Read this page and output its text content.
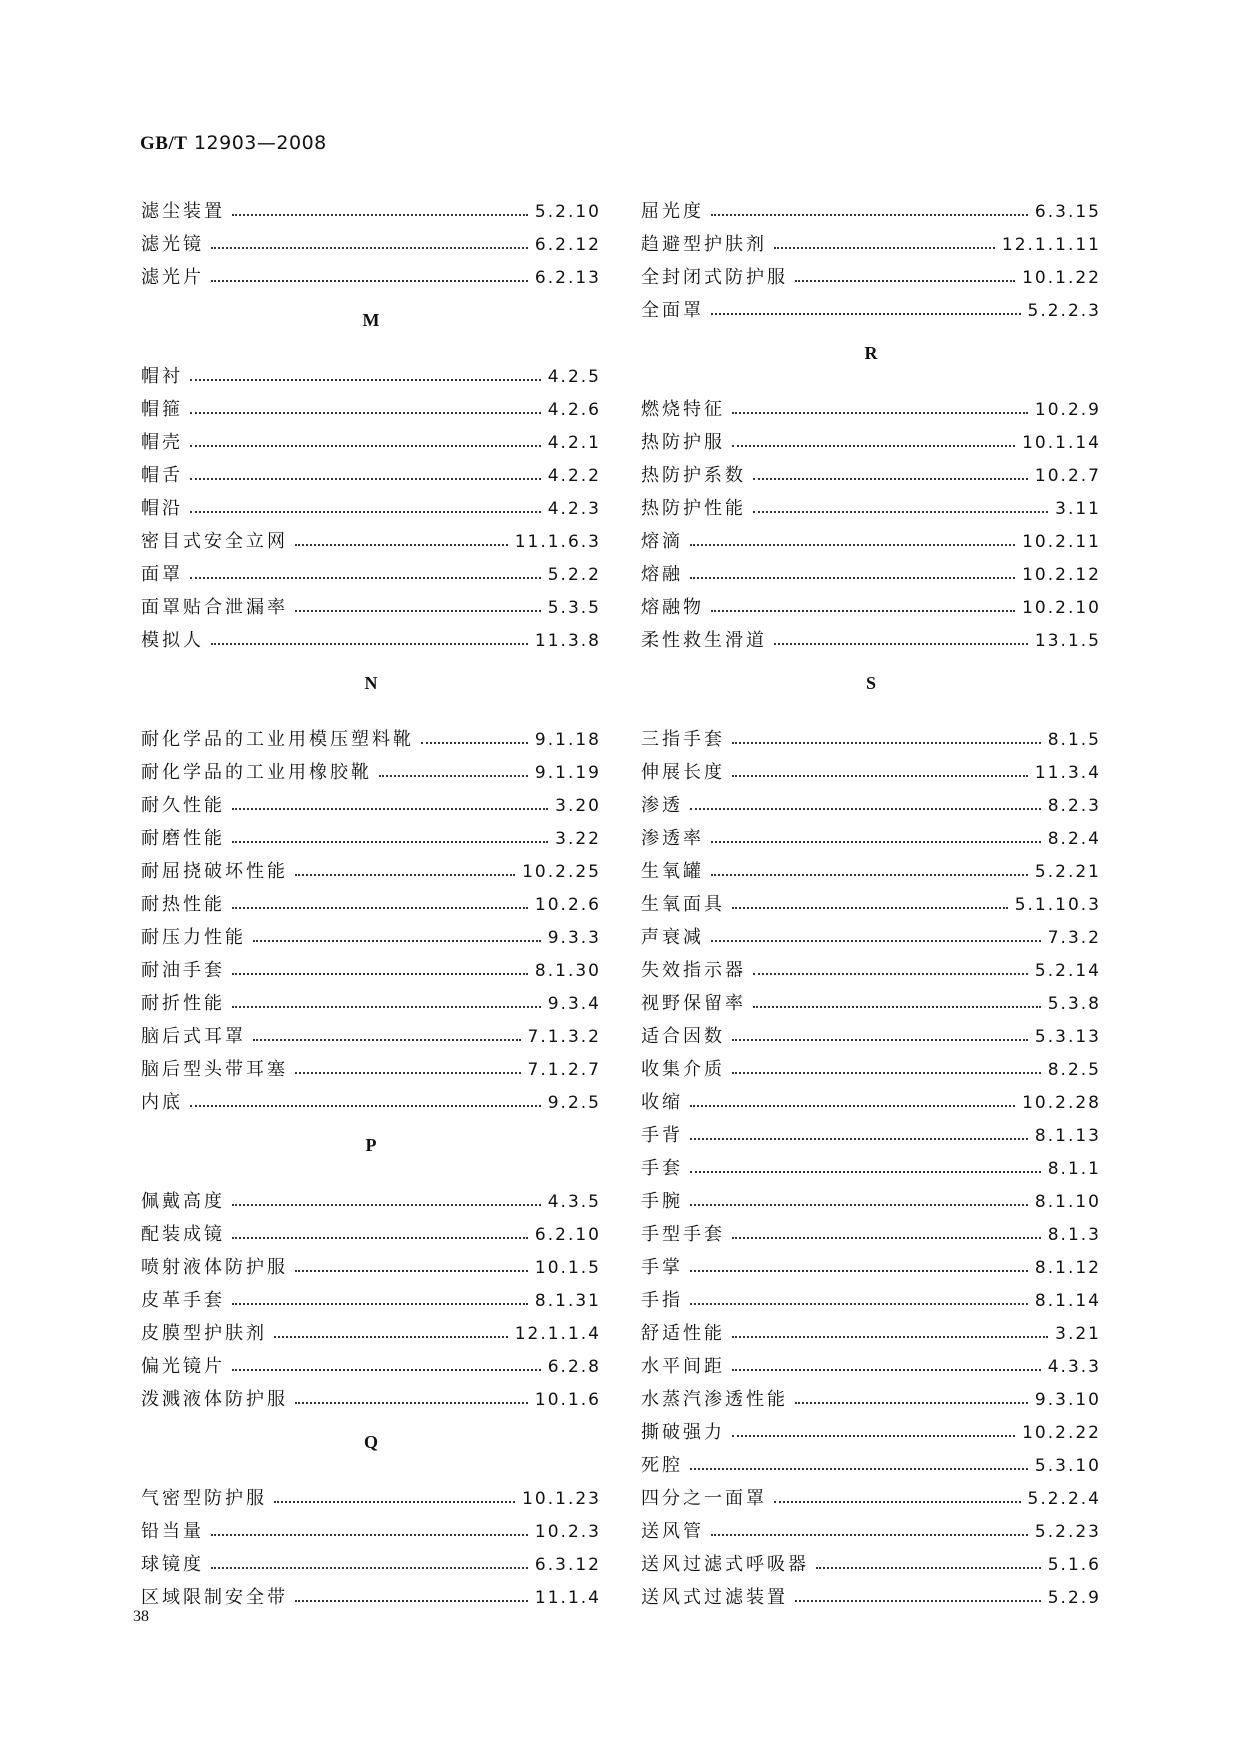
GB/T 12903—2008
滤尘装置	5.2.10
滤光镜	6.2.12
滤光片	6.2.13
M
帽衬	4.2.5
帽箍	4.2.6
帽壳	4.2.1
帽舌	4.2.2
帽沿	4.2.3
密目式安全立网	11.1.6.3
面罩	5.2.2
面罩贴合泄漏率	5.3.5
模拟人	11.3.8
N
耐化学品的工业用模压塑料靴	9.1.18
耐化学品的工业用橡胶靴	9.1.19
耐久性能	3.20
耐磨性能	3.22
耐屈挠破坏性能	10.2.25
耐热性能	10.2.6
耐压力性能	9.3.3
耐油手套	8.1.30
耐折性能	9.3.4
脑后式耳罩	7.1.3.2
脑后型头带耳塞	7.1.2.7
内底	9.2.5
P
佩戴高度	4.3.5
配装成镜	6.2.10
喷射液体防护服	10.1.5
皮革手套	8.1.31
皮膜型护肤剂	12.1.1.4
偏光镜片	6.2.8
泼溅液体防护服	10.1.6
Q
气密型防护服	10.1.23
铅当量	10.2.3
球镜度	6.3.12
区域限制安全带	11.1.4
屈光度	6.3.15
趋避型护肤剂	12.1.1.11
全封闭式防护服	10.1.22
全面罩	5.2.2.3
R
燃烧特征	10.2.9
热防护服	10.1.14
热防护系数	10.2.7
热防护性能	3.11
熔滴	10.2.11
熔融	10.2.12
熔融物	10.2.10
柔性救生滑道	13.1.5
S
三指手套	8.1.5
伸展长度	11.3.4
渗透	8.2.3
渗透率	8.2.4
生氧罐	5.2.21
生氧面具	5.1.10.3
声衰减	7.3.2
失效指示器	5.2.14
视野保留率	5.3.8
适合因数	5.3.13
收集介质	8.2.5
收缩	10.2.28
手背	8.1.13
手套	8.1.1
手腕	8.1.10
手型手套	8.1.3
手掌	8.1.12
手指	8.1.14
舒适性能	3.21
水平间距	4.3.3
水蒸汽渗透性能	9.3.10
撕破强力	10.2.22
死腔	5.3.10
四分之一面罩	5.2.2.4
送风管	5.2.23
送风过滤式呼吸器	5.1.6
送风式过滤装置	5.2.9
38
